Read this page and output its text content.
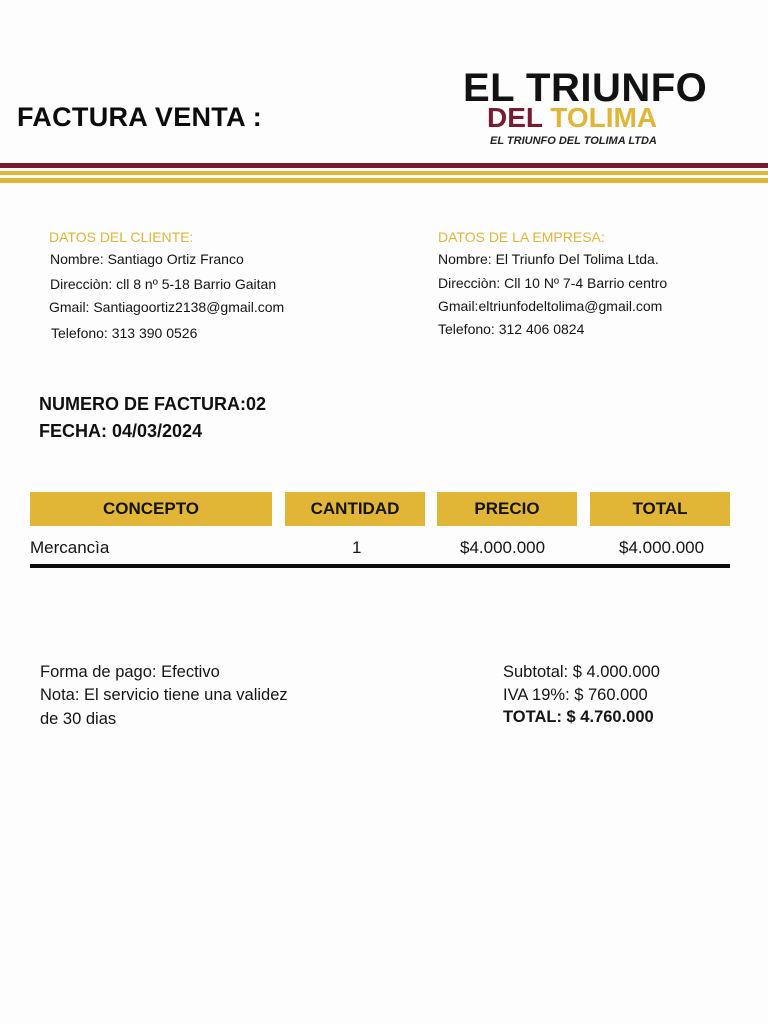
FACTURA VENTA :
EL TRIUNFO
DEL TOLIMA
EL TRIUNFO DEL TOLIMA LTDA
DATOS DEL CLIENTE:
Nombre: Santiago Ortiz Franco
Direcciòn: cll 8 nº 5-18 Barrio Gaitan
Gmail: Santiagoortiz2138@gmail.com
Telefono: 313 390 0526
DATOS DE LA EMPRESA:
Nombre: El Triunfo Del Tolima Ltda.
Direcciòn: Cll 10 Nº 7-4 Barrio centro
Gmail:eltriunfodeltolima@gmail.com
Telefono: 312 406 0824
NUMERO DE FACTURA:02
FECHA: 04/03/2024
CONCEPTO	CANTIDAD	PRECIO	TOTAL
Mercancìa	1	$4.000.000	$4.000.000
Forma de pago: Efectivo
Nota: El servicio tiene una validez
de 30 dias
Subtotal: $ 4.000.000
IVA 19%: $ 760.000
TOTAL: $ 4.760.000
